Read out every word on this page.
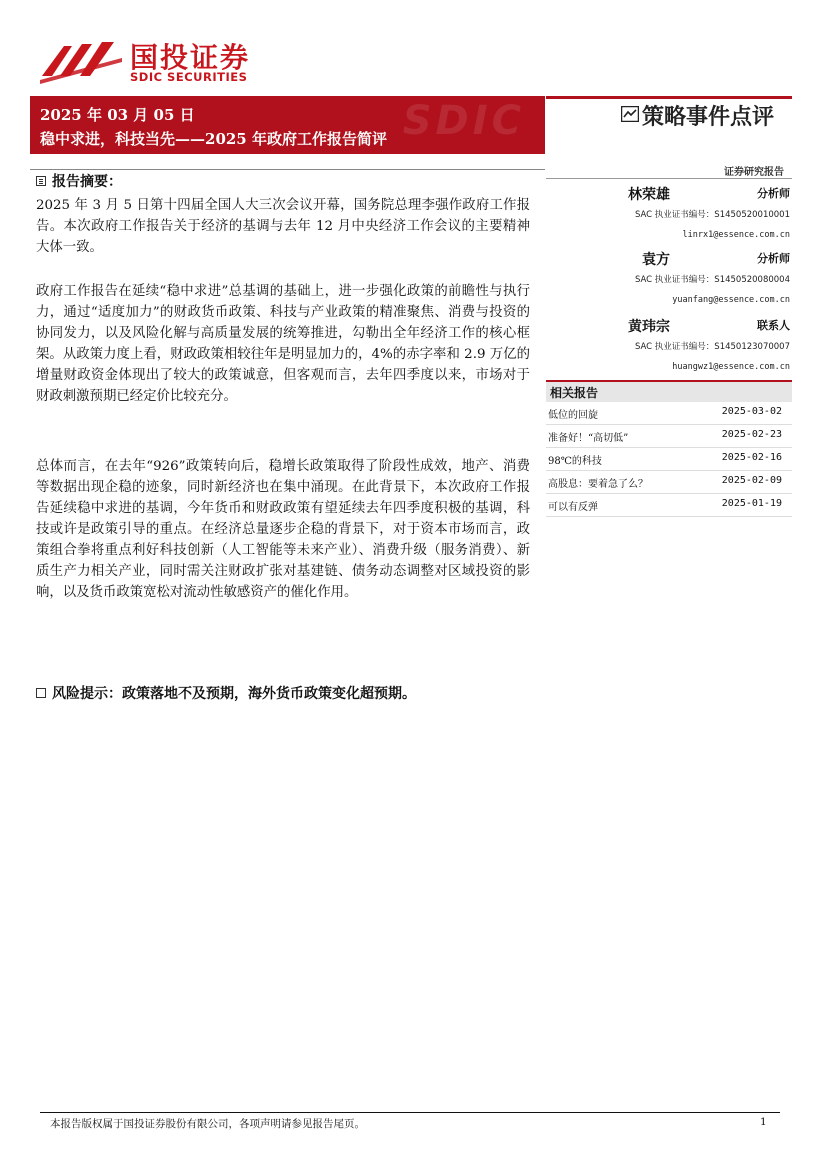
国投证券
SDIC SECURITIES
SDIC
2025 年 03 月 05 日
稳中求进，科技当先——2025 年政府工作报告简评
策略事件点评
证券研究报告
报告摘要：
2025 年 3 月 5 日第十四届全国人大三次会议开幕，国务院总理李强作政府工作报告。本次政府工作报告关于经济的基调与去年 12 月中央经济工作会议的主要精神大体一致。
政府工作报告在延续“稳中求进”总基调的基础上，进一步强化政策的前瞻性与执行力，通过“适度加力”的财政货币政策、科技与产业政策的精准聚焦、消费与投资的协同发力，以及风险化解与高质量发展的统筹推进，勾勒出全年经济工作的核心框架。从政策力度上看，财政政策相较往年是明显加力的，4%的赤字率和 2.9 万亿的增量财政资金体现出了较大的政策诚意，但客观而言，去年四季度以来，市场对于财政刺激预期已经定价比较充分。
总体而言，在去年“926”政策转向后，稳增长政策取得了阶段性成效，地产、消费等数据出现企稳的迹象，同时新经济也在集中涌现。在此背景下，本次政府工作报告延续稳中求进的基调，今年货币和财政政策有望延续去年四季度积极的基调，科技或许是政策引导的重点。在经济总量逐步企稳的背景下，对于资本市场而言，政策组合拳将重点利好科技创新（人工智能等未来产业）、消费升级（服务消费）、新质生产力相关产业，同时需关注财政扩张对基建链、债务动态调整对区域投资的影响，以及货币政策宽松对流动性敏感资产的催化作用。
风险提示：政策落地不及预期，海外货币政策变化超预期。
林荣雄	分析师
SAC 执业证书编号：S1450520010001
linrx1@essence.com.cn
袁方	分析师
SAC 执业证书编号：S1450520080004
yuanfang@essence.com.cn
黄玮宗	联系人
SAC 执业证书编号：S1450123070007
huangwz1@essence.com.cn
相关报告
低位的回旋	2025-03-02
准备好！“高切低”	2025-02-23
98℃的科技	2025-02-16
高股息：要着急了么？	2025-02-09
可以有反弹	2025-01-19
本报告版权属于国投证券股份有限公司，各项声明请参见报告尾页。	1
